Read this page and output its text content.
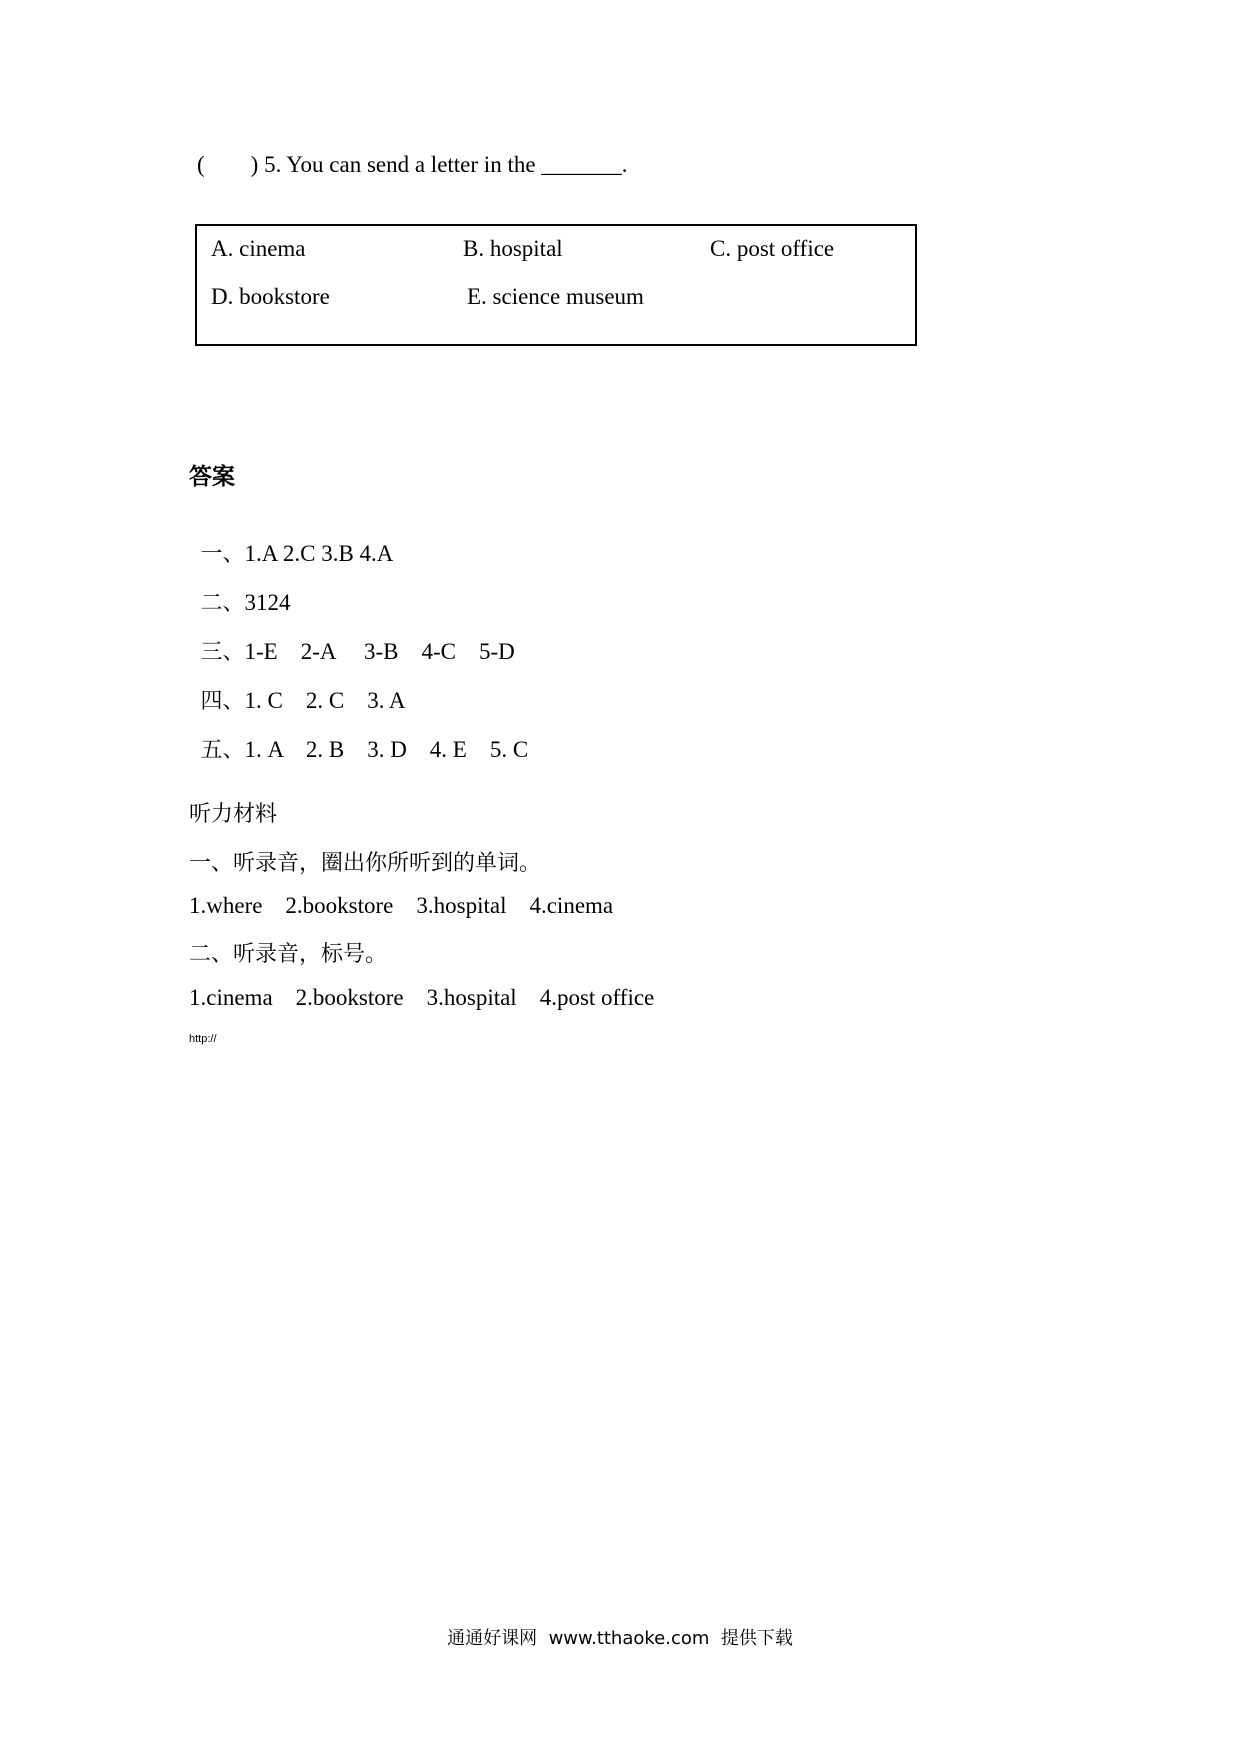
(        ) 5. You can send a letter in the _______.
A. cinema	B. hospital	C. post office
D. bookstore	E. science museum
答案

一、1.A 2.C 3.B 4.A

二、3124

三、1-E    2-A     3-B    4-C    5-D

四、1. C    2. C    3. A

五、1. A    2. B    3. D    4. E    5. C

听力材料
一、听录音，圈出你所听到的单词。
1.where    2.bookstore    3.hospital    4.cinema
二、听录音，标号。
1.cinema    2.bookstore    3.hospital    4.post office
http://
通通好课网  www.tthaoke.com  提供下载
